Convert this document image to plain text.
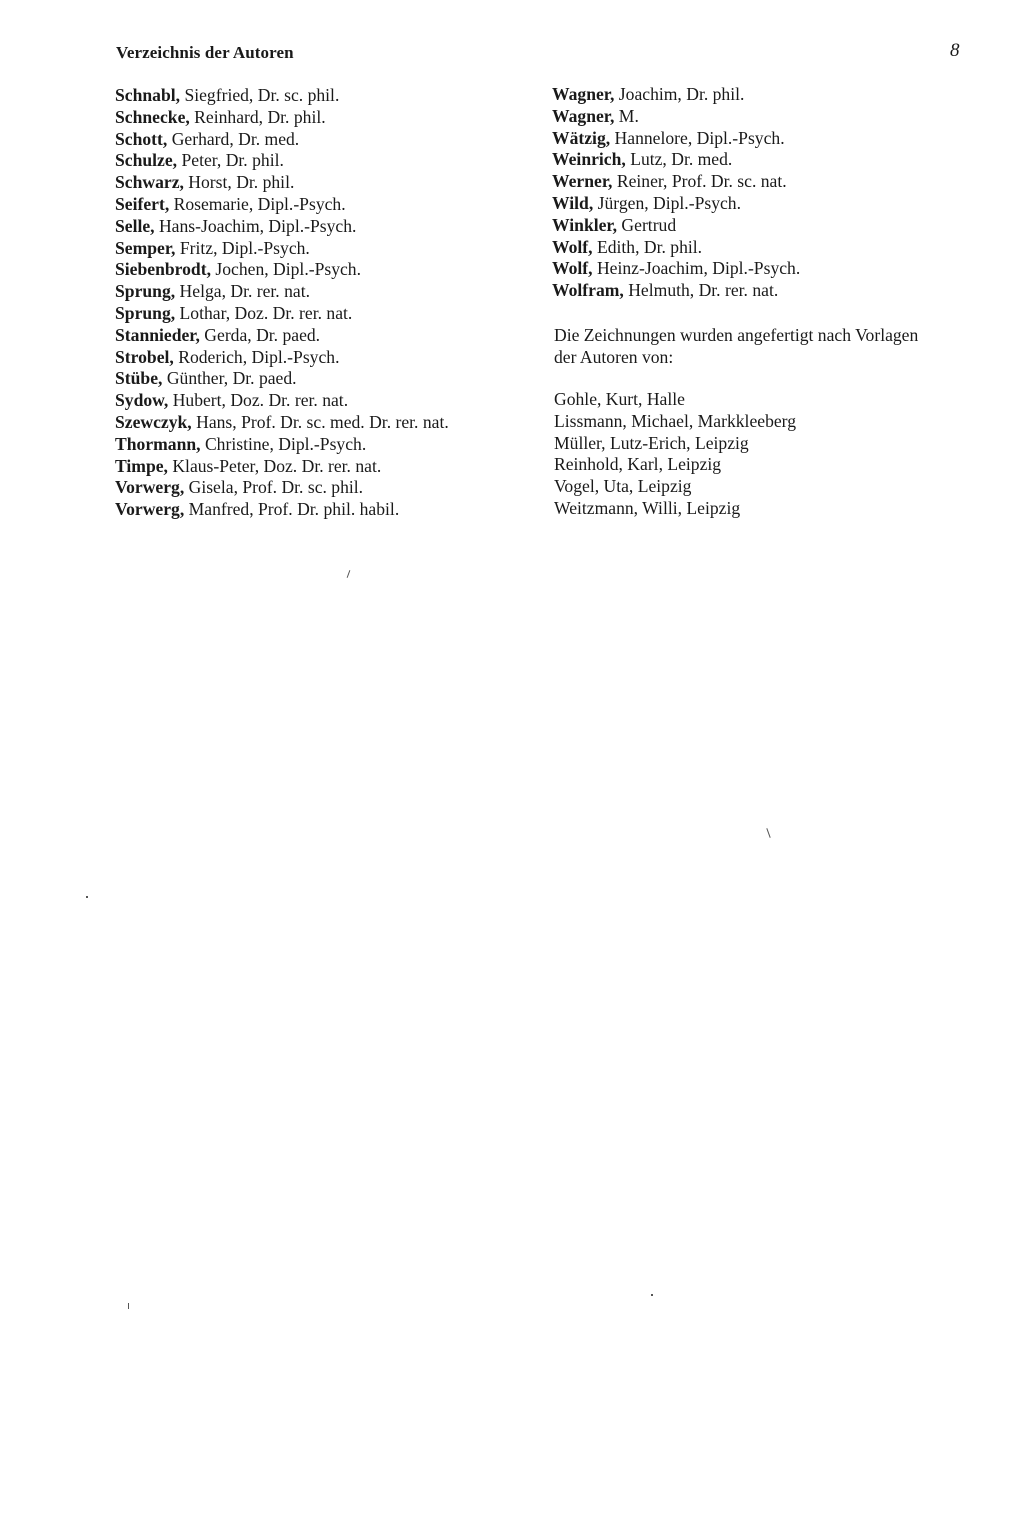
Verzeichnis der Autoren	8
Schnabl, Siegfried, Dr. sc. phil.
Schnecke, Reinhard, Dr. phil.
Schott, Gerhard, Dr. med.
Schulze, Peter, Dr. phil.
Schwarz, Horst, Dr. phil.
Seifert, Rosemarie, Dipl.-Psych.
Selle, Hans-Joachim, Dipl.-Psych.
Semper, Fritz, Dipl.-Psych.
Siebenbrodt, Jochen, Dipl.-Psych.
Sprung, Helga, Dr. rer. nat.
Sprung, Lothar, Doz. Dr. rer. nat.
Stannieder, Gerda, Dr. paed.
Strobel, Roderich, Dipl.-Psych.
Stübe, Günther, Dr. paed.
Sydow, Hubert, Doz. Dr. rer. nat.
Szewczyk, Hans, Prof. Dr. sc. med. Dr. rer. nat.
Thormann, Christine, Dipl.-Psych.
Timpe, Klaus-Peter, Doz. Dr. rer. nat.
Vorwerg, Gisela, Prof. Dr. sc. phil.
Vorwerg, Manfred, Prof. Dr. phil. habil.
Wagner, Joachim, Dr. phil.
Wagner, M.
Wätzig, Hannelore, Dipl.-Psych.
Weinrich, Lutz, Dr. med.
Werner, Reiner, Prof. Dr. sc. nat.
Wild, Jürgen, Dipl.-Psych.
Winkler, Gertrud
Wolf, Edith, Dr. phil.
Wolf, Heinz-Joachim, Dipl.-Psych.
Wolfram, Helmuth, Dr. rer. nat.
Die Zeichnungen wurden angefertigt nach Vorlagen
der Autoren von:
Gohle, Kurt, Halle
Lissmann, Michael, Markkleeberg
Müller, Lutz-Erich, Leipzig
Reinhold, Karl, Leipzig
Vogel, Uta, Leipzig
Weitzmann, Willi, Leipzig
